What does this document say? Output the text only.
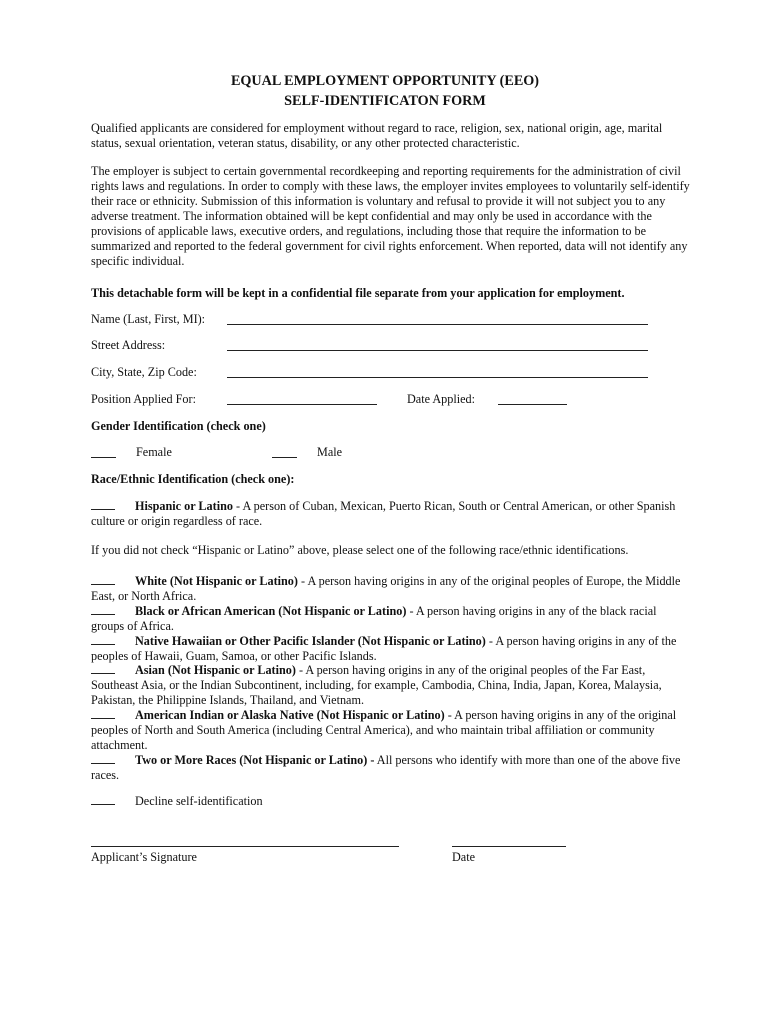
EQUAL EMPLOYMENT OPPORTUNITY (EEO)
SELF-IDENTIFICATON FORM
Qualified applicants are considered for employment without regard to race, religion, sex, national origin, age, marital status, sexual orientation, veteran status, disability, or any other protected characteristic.
The employer is subject to certain governmental recordkeeping and reporting requirements for the administration of civil rights laws and regulations. In order to comply with these laws, the employer invites employees to voluntarily self-identify their race or ethnicity. Submission of this information is voluntary and refusal to provide it will not subject you to any adverse treatment. The information obtained will be kept confidential and may only be used in accordance with the provisions of applicable laws, executive orders, and regulations, including those that require the information to be summarized and reported to the federal government for civil rights enforcement. When reported, data will not identify any specific individual.
This detachable form will be kept in a confidential file separate from your application for employment.
Name (Last, First, MI):
Street Address:
City, State, Zip Code:
Position Applied For:	Date Applied:
Gender Identification (check one)
Female	Male
Race/Ethnic Identification (check one):
Hispanic or Latino - A person of Cuban, Mexican, Puerto Rican, South or Central American, or other Spanish culture or origin regardless of race.
If you did not check “Hispanic or Latino” above, please select one of the following race/ethnic identifications.
White (Not Hispanic or Latino) - A person having origins in any of the original peoples of Europe, the Middle East, or North Africa.
Black or African American (Not Hispanic or Latino) - A person having origins in any of the black racial groups of Africa.
Native Hawaiian or Other Pacific Islander (Not Hispanic or Latino) - A person having origins in any of the peoples of Hawaii, Guam, Samoa, or other Pacific Islands.
Asian (Not Hispanic or Latino) - A person having origins in any of the original peoples of the Far East, Southeast Asia, or the Indian Subcontinent, including, for example, Cambodia, China, India, Japan, Korea, Malaysia, Pakistan, the Philippine Islands, Thailand, and Vietnam.
American Indian or Alaska Native (Not Hispanic or Latino) - A person having origins in any of the original peoples of North and South America (including Central America), and who maintain tribal affiliation or community attachment.
Two or More Races (Not Hispanic or Latino) - All persons who identify with more than one of the above five races.
Decline self-identification
Applicant’s Signature	Date
